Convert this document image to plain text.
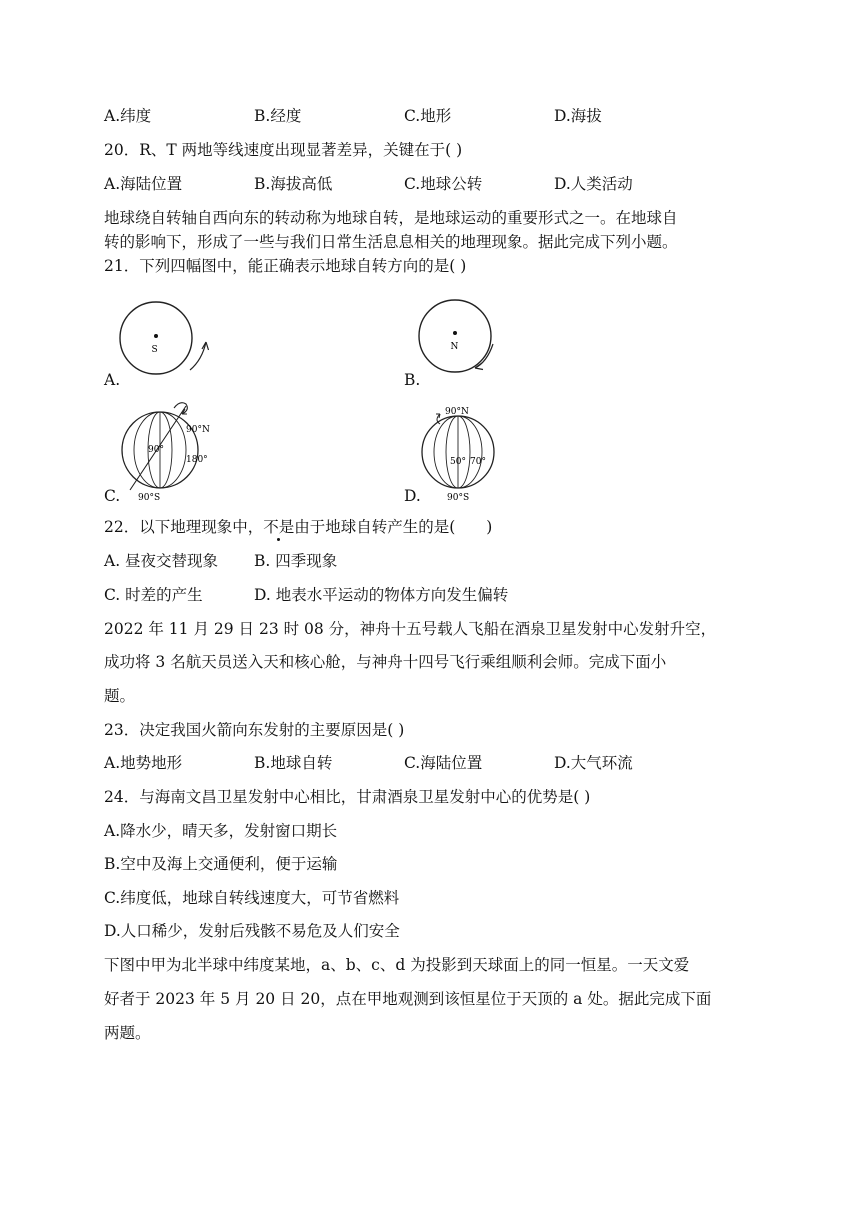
A.纬度	B.经度	C.地形	D.海拔
20．R、T 两地等线速度出现显著差异，关键在于( )
A.海陆位置	B.海拔高低	C.地球公转	D.人类活动
地球绕自转轴自西向东的转动称为地球自转，是地球运动的重要形式之一。在地球自
转的影响下，形成了一些与我们日常生活息息相关的地理现象。据此完成下列小题。
21．下列四幅图中，能正确表示地球自转方向的是( )
S
A.
N
B.
90°N
90°
180°
90°S
C.
90°N
50° 70°
90°S
D.
22．以下地理现象中，不是由于地球自转产生的是(　　)
A. 昼夜交替现象 B. 四季现象
C. 时差的产生	D. 地表水平运动的物体方向发生偏转
2022 年 11 月 29 日 23 时 08 分，神舟十五号载人飞船在酒泉卫星发射中心发射升空，
成功将 3 名航天员送入天和核心舱，与神舟十四号飞行乘组顺利会师。完成下面小
题。
23．决定我国火箭向东发射的主要原因是( )
A.地势地形	B.地球自转	C.海陆位置	D.大气环流
24．与海南文昌卫星发射中心相比，甘肃酒泉卫星发射中心的优势是( )
A.降水少，晴天多，发射窗口期长
B.空中及海上交通便利，便于运输
C.纬度低，地球自转线速度大，可节省燃料
D.人口稀少，发射后残骸不易危及人们安全
下图中甲为北半球中纬度某地，a、b、c、d 为投影到天球面上的同一恒星。一天文爱
好者于 2023 年 5 月 20 日 20，点在甲地观测到该恒星位于天顶的 a 处。据此完成下面
两题。
